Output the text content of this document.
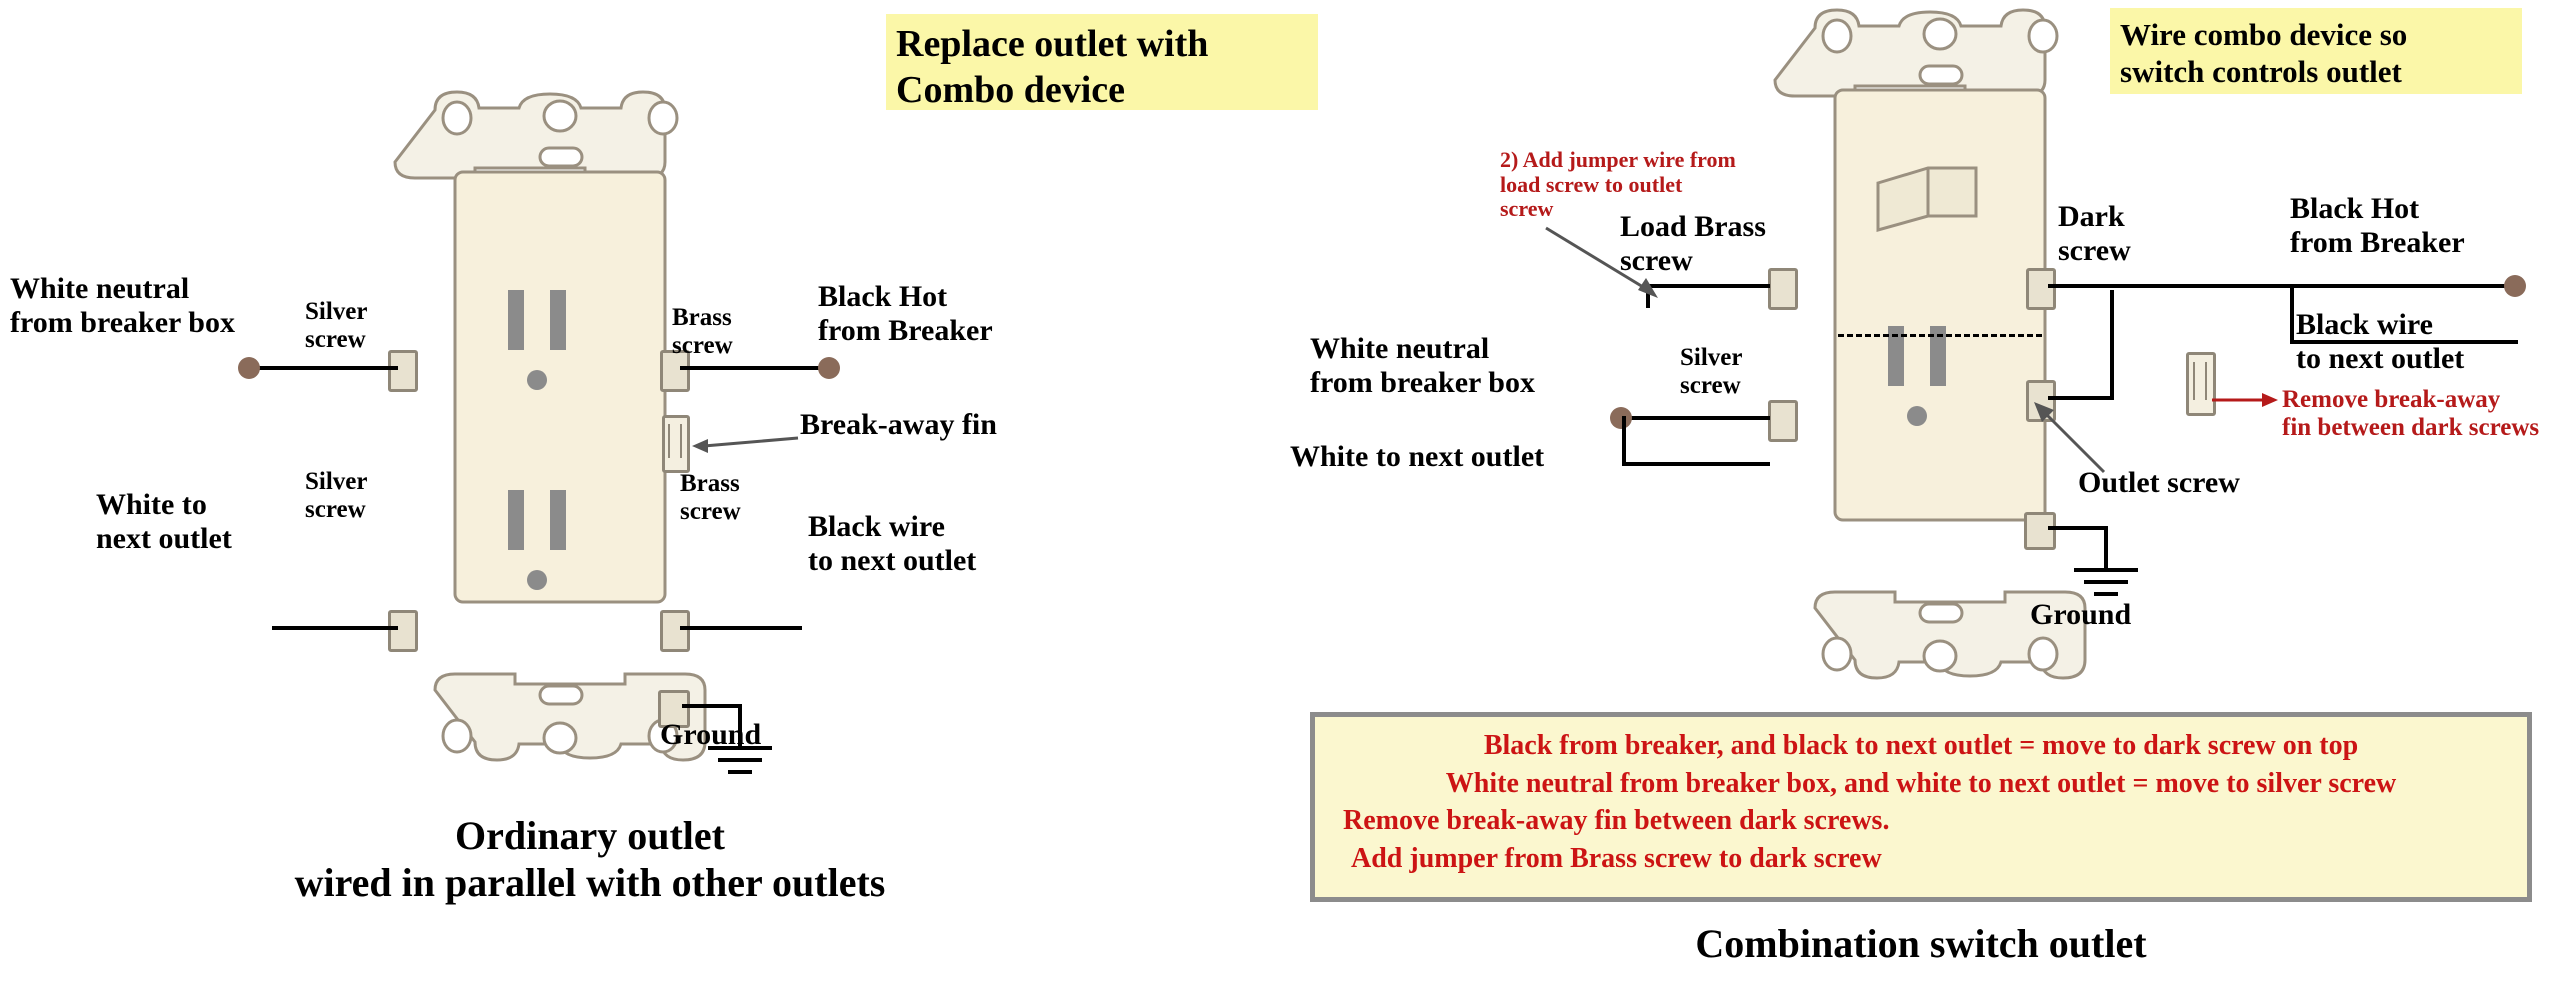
Replace outlet with
Combo device
White neutral
from breaker box	Silver
screw
Brass
screw
Black Hot
from Breaker
Break-away fin
Silver
screw
Brass
screw
White to
next outlet	Black wire
to next outlet
Ground
Ordinary outlet
wired in parallel with other outlets
Wire combo device so
switch controls outlet
2) Add jumper wire from
load screw to outlet
screw
Load Brass
screw
Dark
screw
Black Hot
from Breaker
Black wire
to next outlet
White neutral
from breaker box
Silver
screw
White to next outlet
Remove break-away
fin between dark screws
Outlet screw
Ground
Black from breaker, and black to next outlet = move to dark screw on top
White neutral from breaker box, and white to next outlet = move to silver screw
Remove break-away fin between dark screws.
Add jumper from Brass screw to dark screw
Combination switch outlet
